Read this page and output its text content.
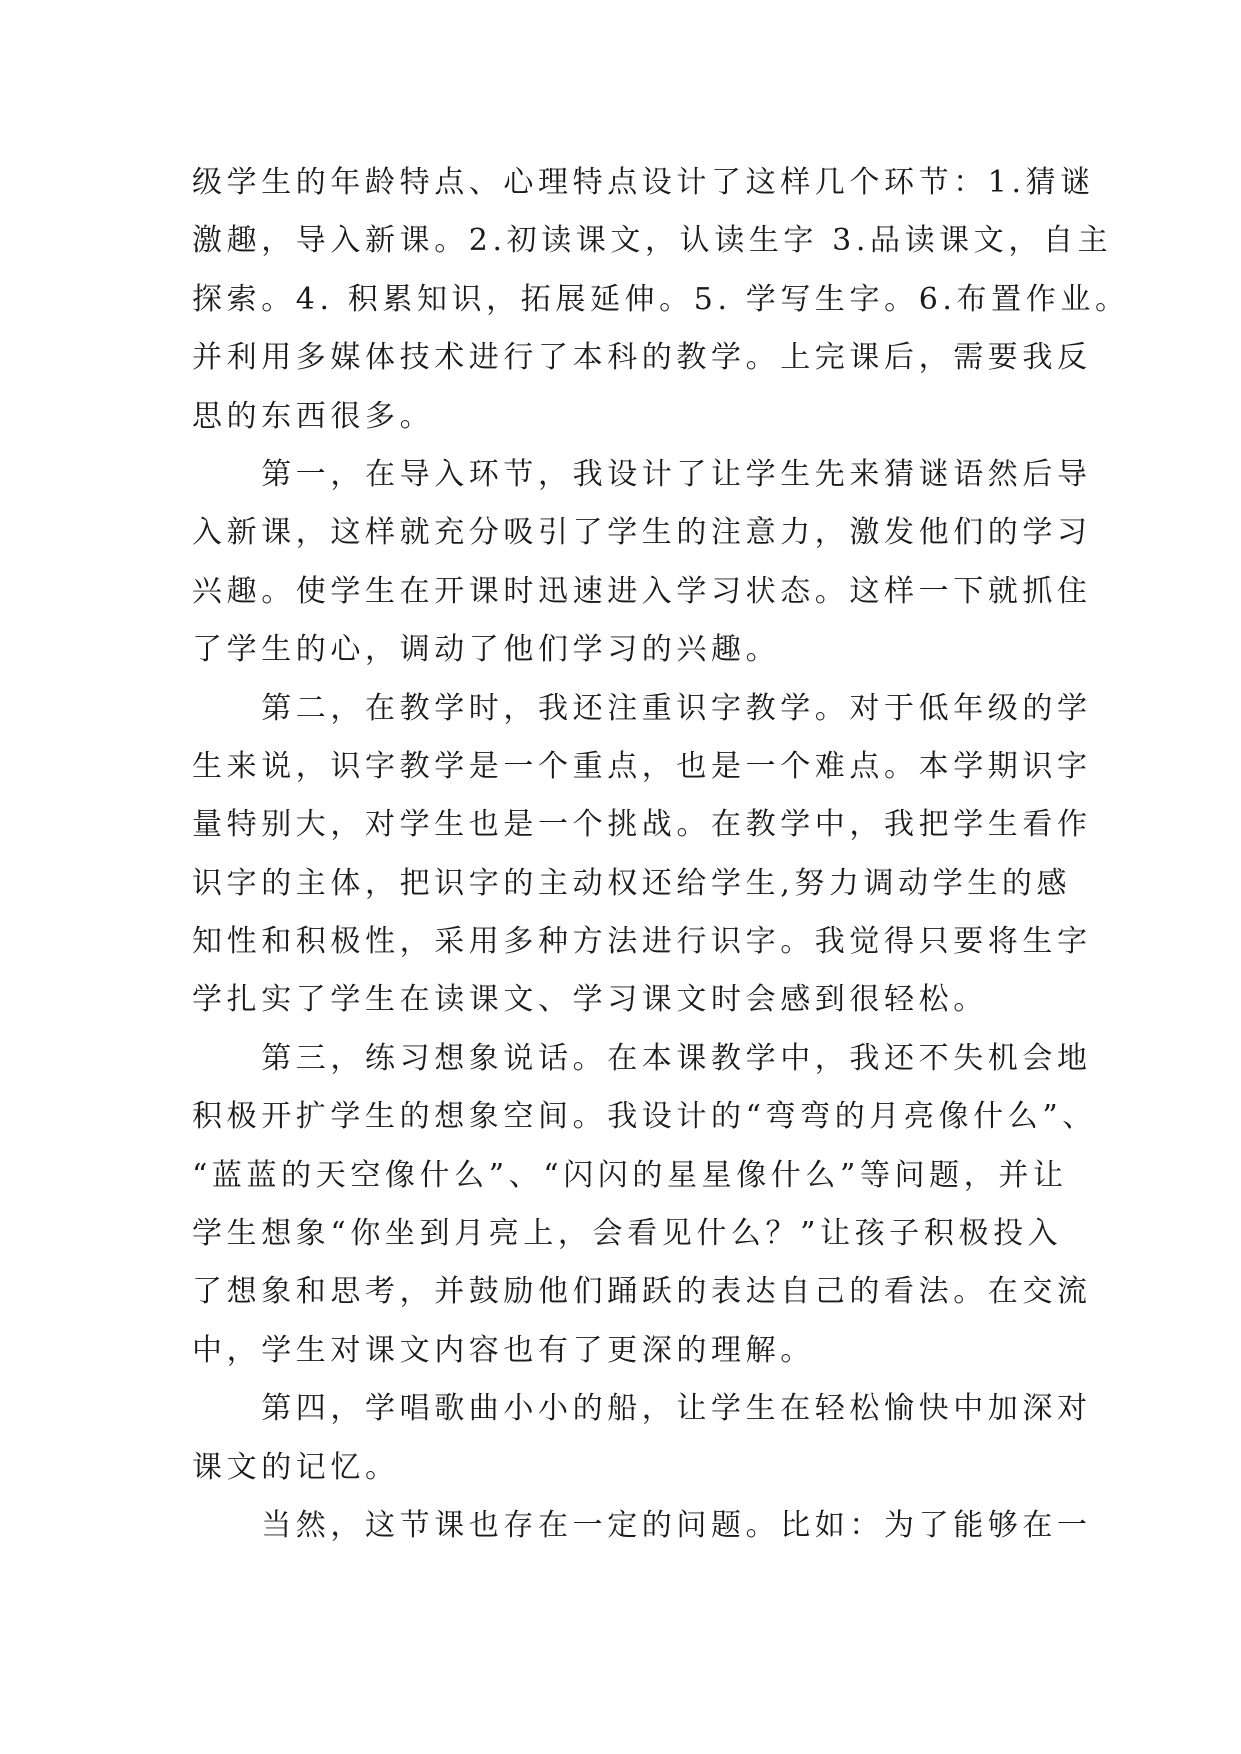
级学生的年龄特点、心理特点设计了这样几个环节：1.猜谜
激趣，导入新课。2.初读课文，认读生字 3.品读课文，自主
探索。4. 积累知识，拓展延伸。5. 学写生字。6.布置作业。
并利用多媒体技术进行了本科的教学。上完课后，需要我反
思的东西很多。
　　第一，在导入环节，我设计了让学生先来猜谜语然后导
入新课，这样就充分吸引了学生的注意力，激发他们的学习
兴趣。使学生在开课时迅速进入学习状态。这样一下就抓住
了学生的心，调动了他们学习的兴趣。
　　第二，在教学时，我还注重识字教学。对于低年级的学
生来说，识字教学是一个重点，也是一个难点。本学期识字
量特别大，对学生也是一个挑战。在教学中，我把学生看作
识字的主体，把识字的主动权还给学生,努力调动学生的感
知性和积极性，采用多种方法进行识字。我觉得只要将生字
学扎实了学生在读课文、学习课文时会感到很轻松。
　　第三，练习想象说话。在本课教学中，我还不失机会地
积极开扩学生的想象空间。我设计的“弯弯的月亮像什么”、
“蓝蓝的天空像什么”、“闪闪的星星像什么”等问题，并让
学生想象“你坐到月亮上，会看见什么？”让孩子积极投入
了想象和思考，并鼓励他们踊跃的表达自己的看法。在交流
中，学生对课文内容也有了更深的理解。
　　第四，学唱歌曲小小的船，让学生在轻松愉快中加深对
课文的记忆。
　　当然，这节课也存在一定的问题。比如：为了能够在一
